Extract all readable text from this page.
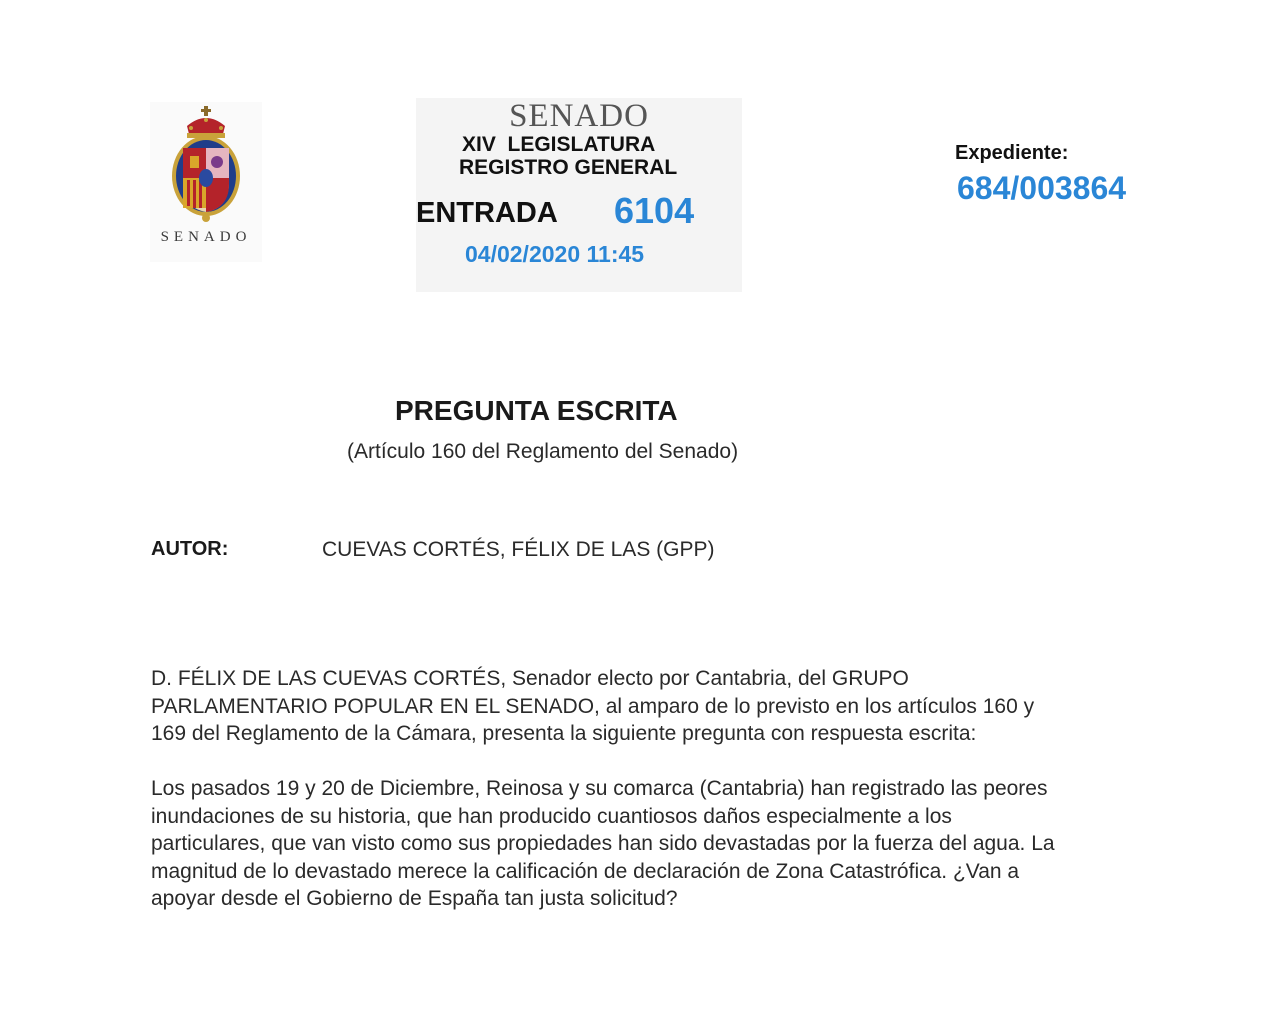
SENADO
SENADO
XIV  LEGISLATURA
REGISTRO GENERAL
ENTRADA 6104
04/02/2020 11:45
Expediente:
684/003864
PREGUNTA ESCRITA
(Artículo 160 del Reglamento del Senado)
AUTOR:	CUEVAS CORTÉS, FÉLIX DE LAS (GPP)
D. FÉLIX DE LAS CUEVAS CORTÉS, Senador electo por Cantabria, del GRUPO
PARLAMENTARIO POPULAR EN EL SENADO, al amparo de lo previsto en los artículos 160 y
169 del Reglamento de la Cámara, presenta la siguiente pregunta con respuesta escrita:
Los pasados 19 y 20 de Diciembre, Reinosa y su comarca (Cantabria) han registrado las peores
inundaciones de su historia, que han producido cuantiosos daños especialmente a los
particulares, que van visto como sus propiedades han sido devastadas por la fuerza del agua. La
magnitud de lo devastado merece la calificación de declaración de Zona Catastrófica. ¿Van a
apoyar desde el Gobierno de España tan justa solicitud?
